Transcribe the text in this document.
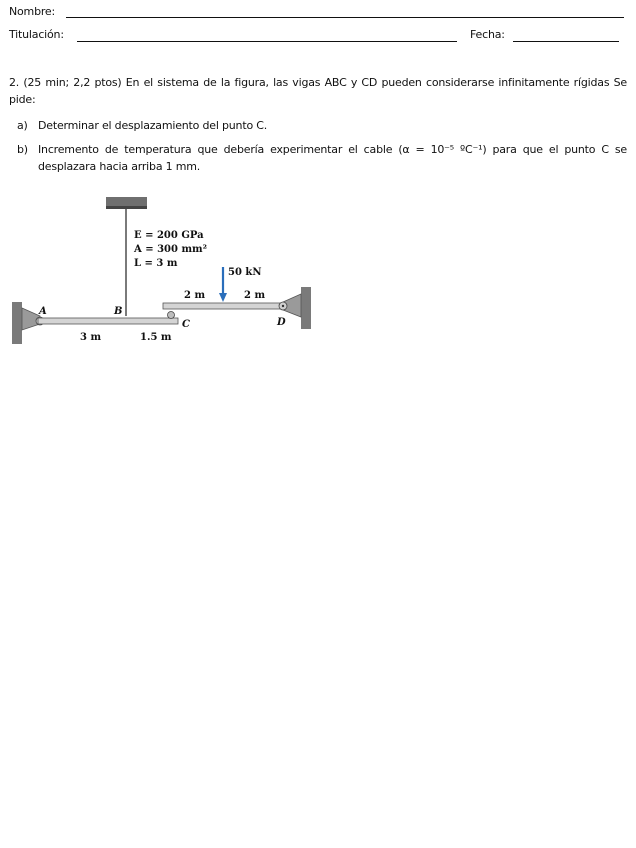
Nombre:
Titulación:	Fecha:
2. (25 min; 2,2 ptos) En el sistema de la figura, las vigas ABC y CD pueden considerarse infinitamente rígidas Se pide:
a) Determinar el desplazamiento del punto C.
b) Incremento de temperatura que debería experimentar el cable (α = 10⁻⁵ ºC⁻¹) para que el punto C se desplazara hacia arriba 1 mm.
E = 200 GPa
A = 300 mm²
L = 3 m
50 kN
2 m	2 m
A	B
C	D
3 m	1.5 m
